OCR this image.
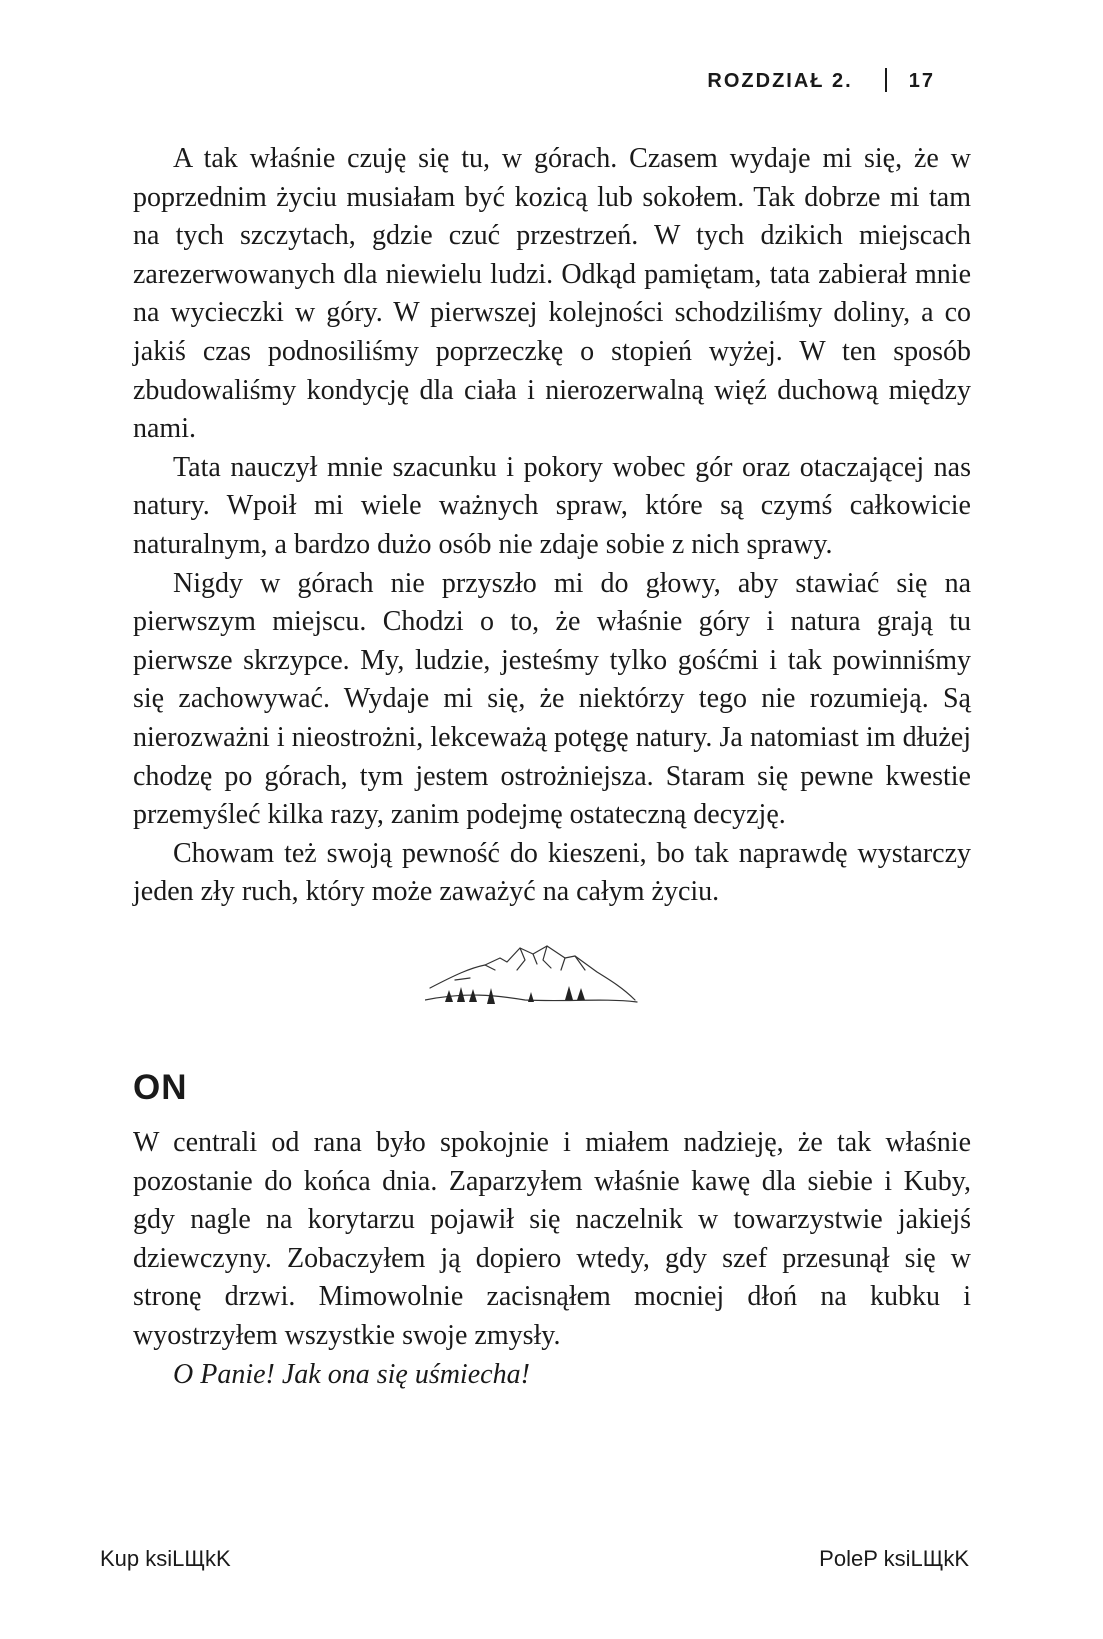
ROZDZIAŁ 2.	17

A tak właśnie czuję się tu, w górach. Czasem wydaje mi się, że w poprzednim życiu musiałam być kozicą lub sokołem. Tak dobrze mi tam na tych szczytach, gdzie czuć przestrzeń. W tych dzikich miejscach zarezerwowanych dla niewielu ludzi. Odkąd pamiętam, tata zabierał mnie na wycieczki w góry. W pierwszej kolejności schodziliśmy doliny, a co jakiś czas podnosiliśmy poprzeczkę o stopień wyżej. W ten sposób zbudowaliśmy kondycję dla ciała i nierozerwalną więź duchową między nami.

Tata nauczył mnie szacunku i pokory wobec gór oraz otaczającej nas natury. Wpoił mi wiele ważnych spraw, które są czymś całkowicie naturalnym, a bardzo dużo osób nie zdaje sobie z nich sprawy.

Nigdy w górach nie przyszło mi do głowy, aby stawiać się na pierwszym miejscu. Chodzi o to, że właśnie góry i natura grają tu pierwsze skrzypce. My, ludzie, jesteśmy tylko gośćmi i tak powinniśmy się zachowywać. Wydaje mi się, że niektórzy tego nie rozumieją. Są nierozważni i nieostrożni, lekceważą potęgę natury. Ja natomiast im dłużej chodzę po górach, tym jestem ostrożniejsza. Staram się pewne kwestie przemyśleć kilka razy, zanim podejmę ostateczną decyzję.

Chowam też swoją pewność do kieszeni, bo tak naprawdę wystarczy jeden zły ruch, który może zaważyć na całym życiu.

ON

W centrali od rana było spokojnie i miałem nadzieję, że tak właśnie pozostanie do końca dnia. Zaparzyłem właśnie kawę dla siebie i Kuby, gdy nagle na korytarzu pojawił się naczelnik w towarzystwie jakiejś dziewczyny. Zobaczyłem ją dopiero wtedy, gdy szef przesunął się w stronę drzwi. Mimowolnie zacisnąłem mocniej dłoń na kubku i wyostrzyłem wszystkie swoje zmysły.

O Panie! Jak ona się uśmiecha!

Kup ksiLЩkK	PoleP ksiLЩkK
